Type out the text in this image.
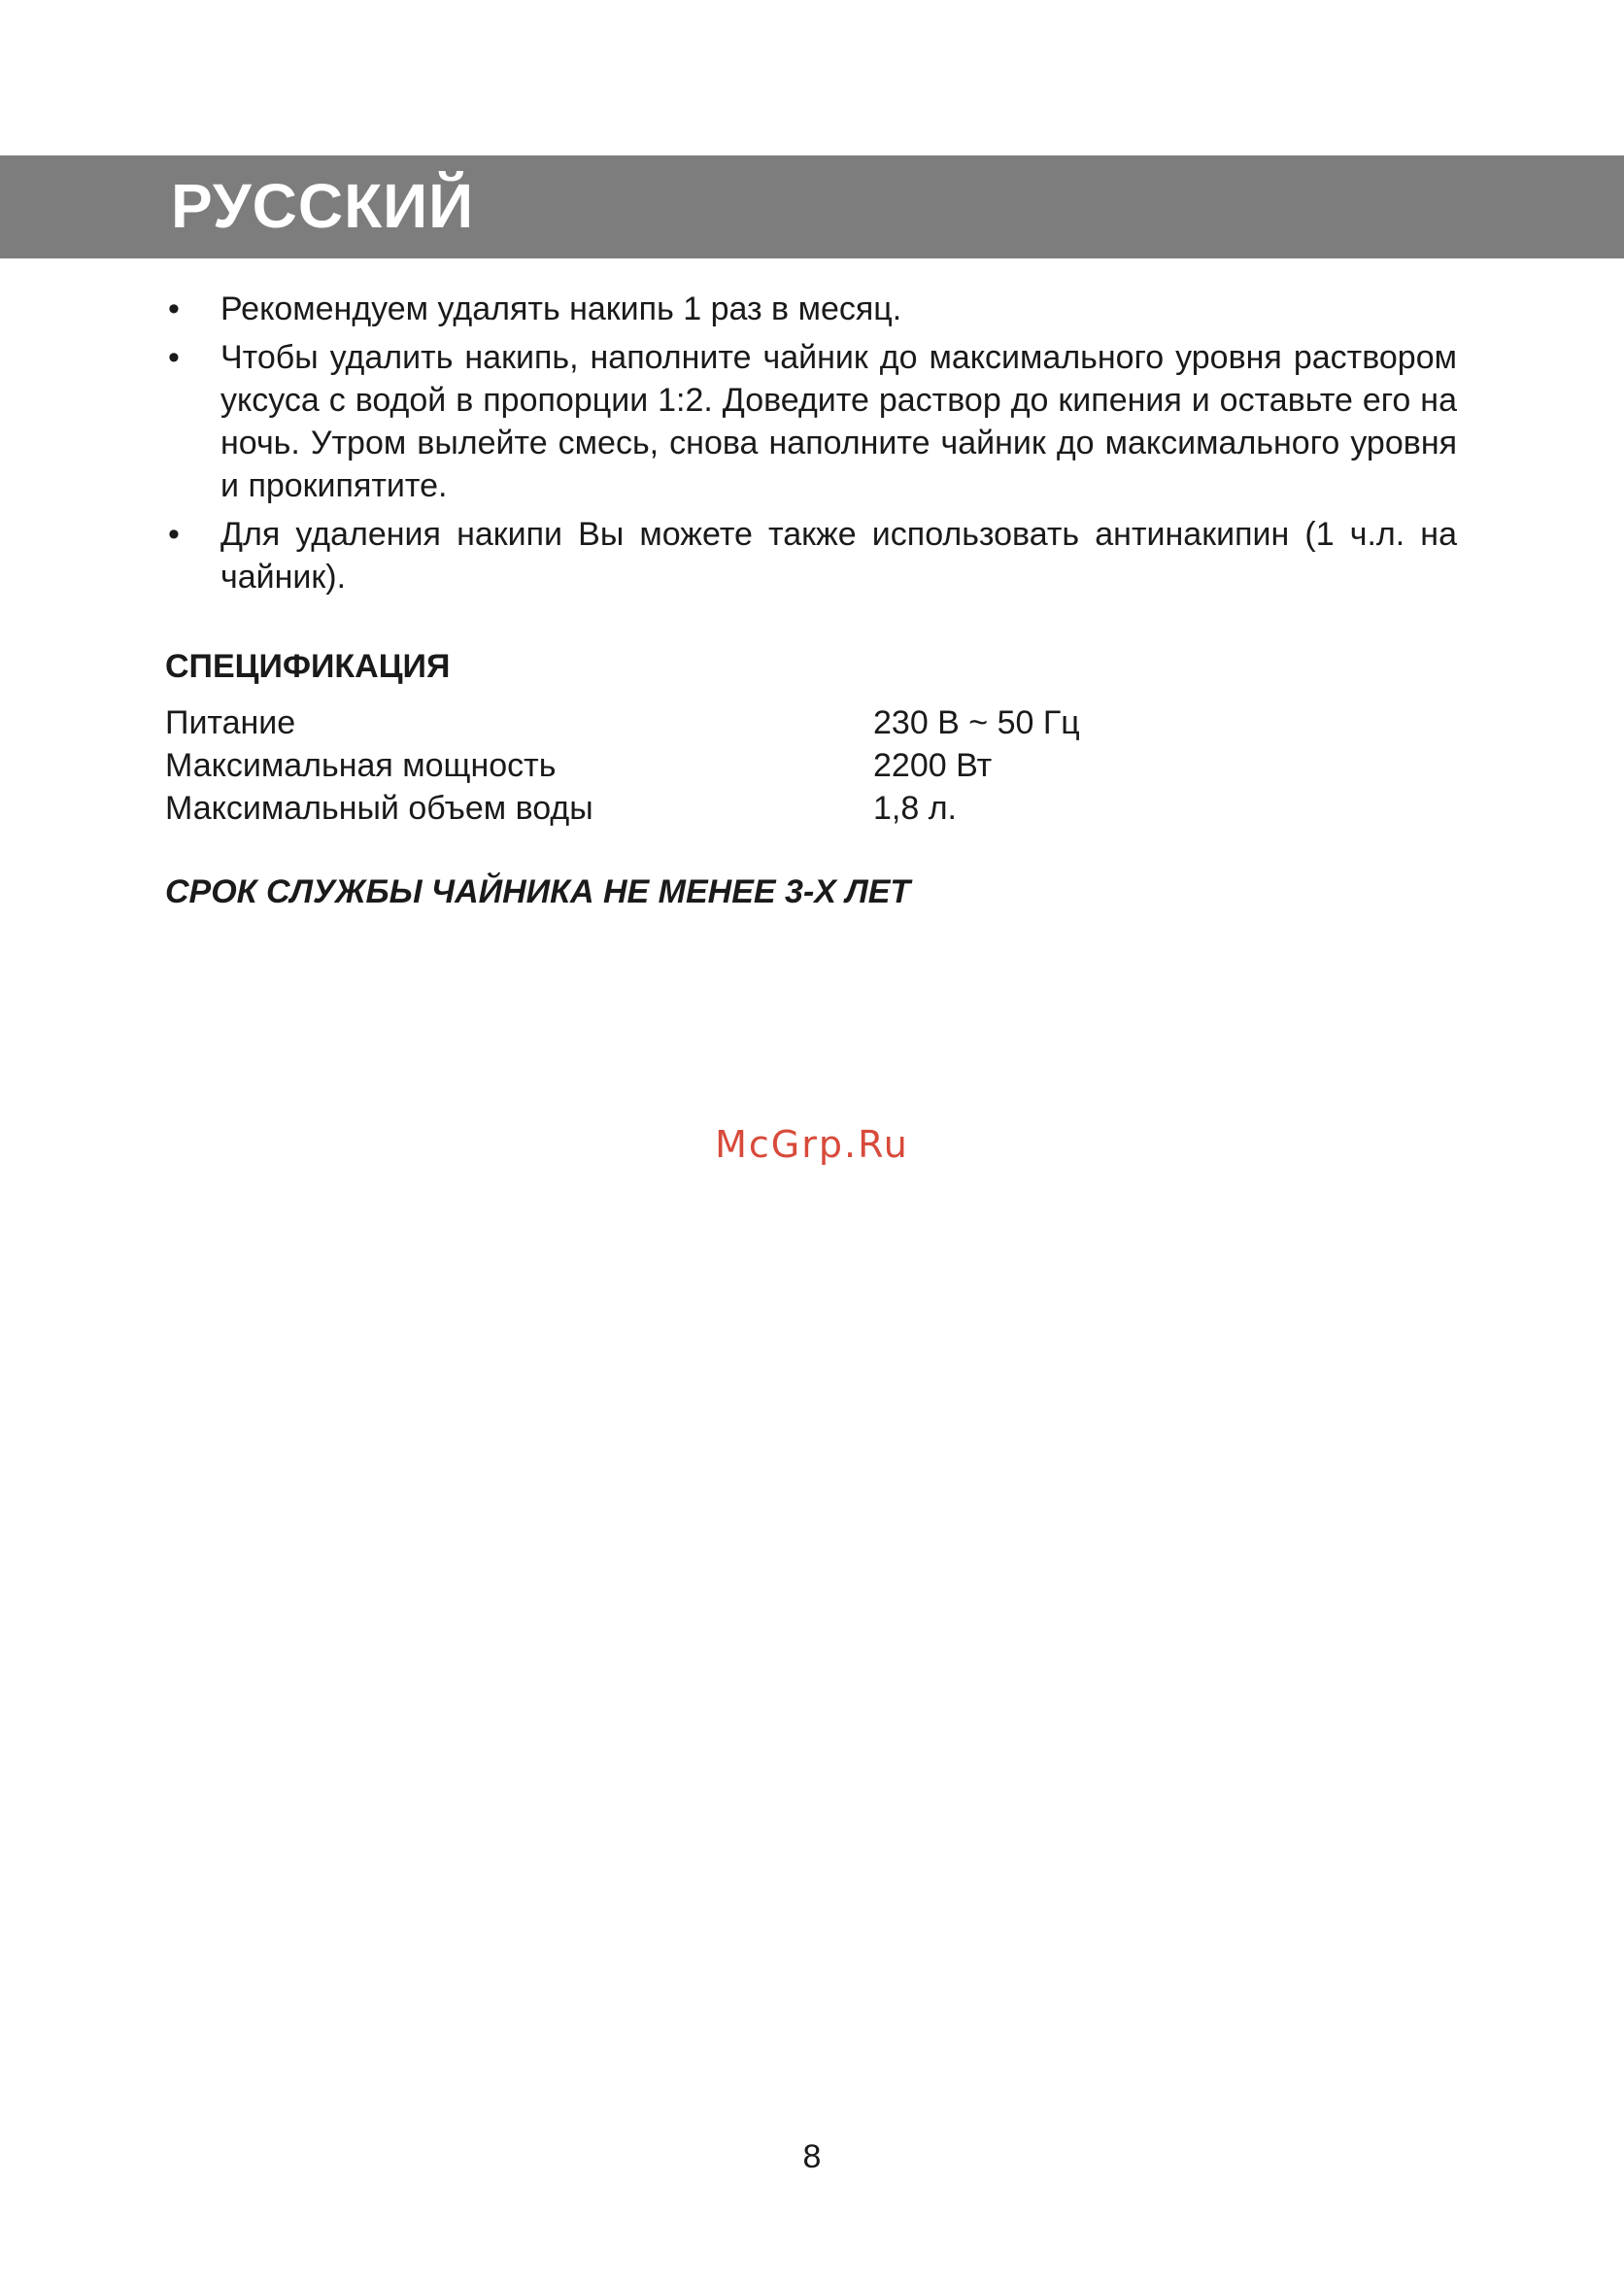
РУССКИЙ
• Рекомендуем удалять накипь 1 раз в месяц.
• Чтобы удалить накипь, наполните чайник до максимального уровня раствором уксуса с водой в пропорции 1:2. Доведите раствор до кипения и оставьте его на ночь. Утром вылейте смесь, снова наполните чайник до максимального уровня и прокипятите.
• Для удаления накипи Вы можете также использовать антинакипин (1 ч.л. на чайник).
СПЕЦИФИКАЦИЯ
Питание	230 В ~ 50 Гц
Максимальная мощность	2200 Вт
Максимальный объем воды	1,8 л.

СРОК СЛУЖБЫ ЧАЙНИКА НЕ МЕНЕЕ 3-Х ЛЕТ

McGrp.Ru
8
